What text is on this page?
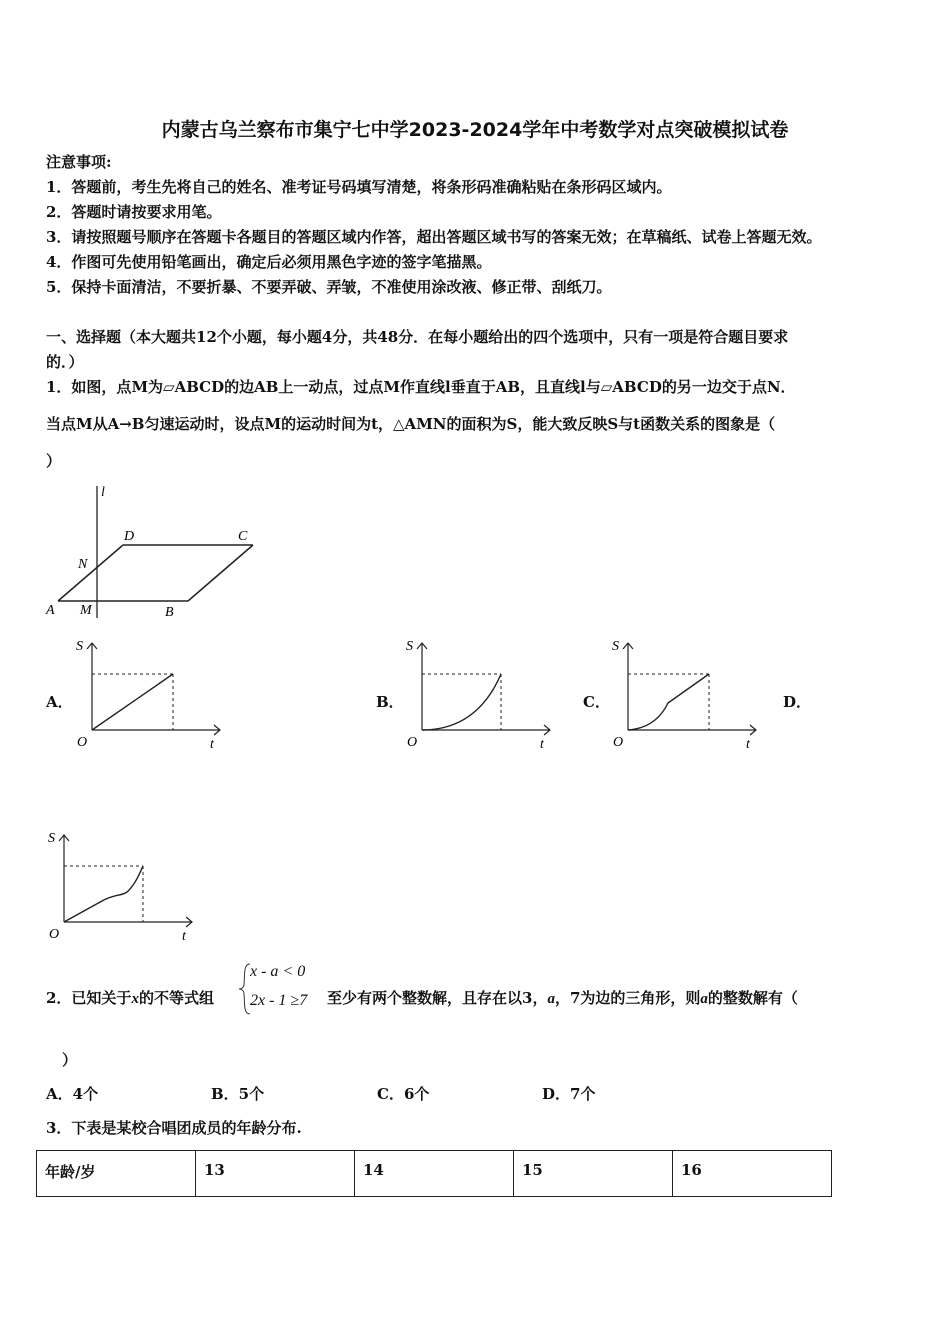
内蒙古乌兰察布市集宁七中学2023-2024学年中考数学对点突破模拟试卷
注意事项:
1．答题前，考生先将自己的姓名、准考证号码填写清楚，将条形码准确粘贴在条形码区域内。
2．答题时请按要求用笔。
3．请按照题号顺序在答题卡各题目的答题区域内作答，超出答题区域书写的答案无效；在草稿纸、试卷上答题无效。
4．作图可先使用铅笔画出，确定后必须用黑色字迹的签字笔描黑。
5．保持卡面清洁，不要折暴、不要弄破、弄皱，不准使用涂改液、修正带、刮纸刀。
一、选择题（本大题共12个小题，每小题4分，共48分．在每小题给出的四个选项中，只有一项是符合题目要求
的．）
1．如图，点M为▱ABCD的边AB上一动点，过点M作直线l垂直于AB，且直线l与▱ABCD的另一边交于点N．
当点M从A→B匀速运动时，设点M的运动时间为t，△AMN的面积为S，能大致反映S与t函数关系的图象是（
）
l
D	C
N
A M	B
A．
S
O	t
B．
S
O	t
C．
S
O	t
D．
S
O	t
2．已知关于x的不等式组
x - a < 0
2x - 1 ≥7 至少有两个整数解，且存在以3，a，7为边的三角形，则a的整数解有（
）
A．4个	B．5个	C．6个	D．7个
3．下表是某校合唱团成员的年龄分布.
年龄/岁	13	14	15	16
